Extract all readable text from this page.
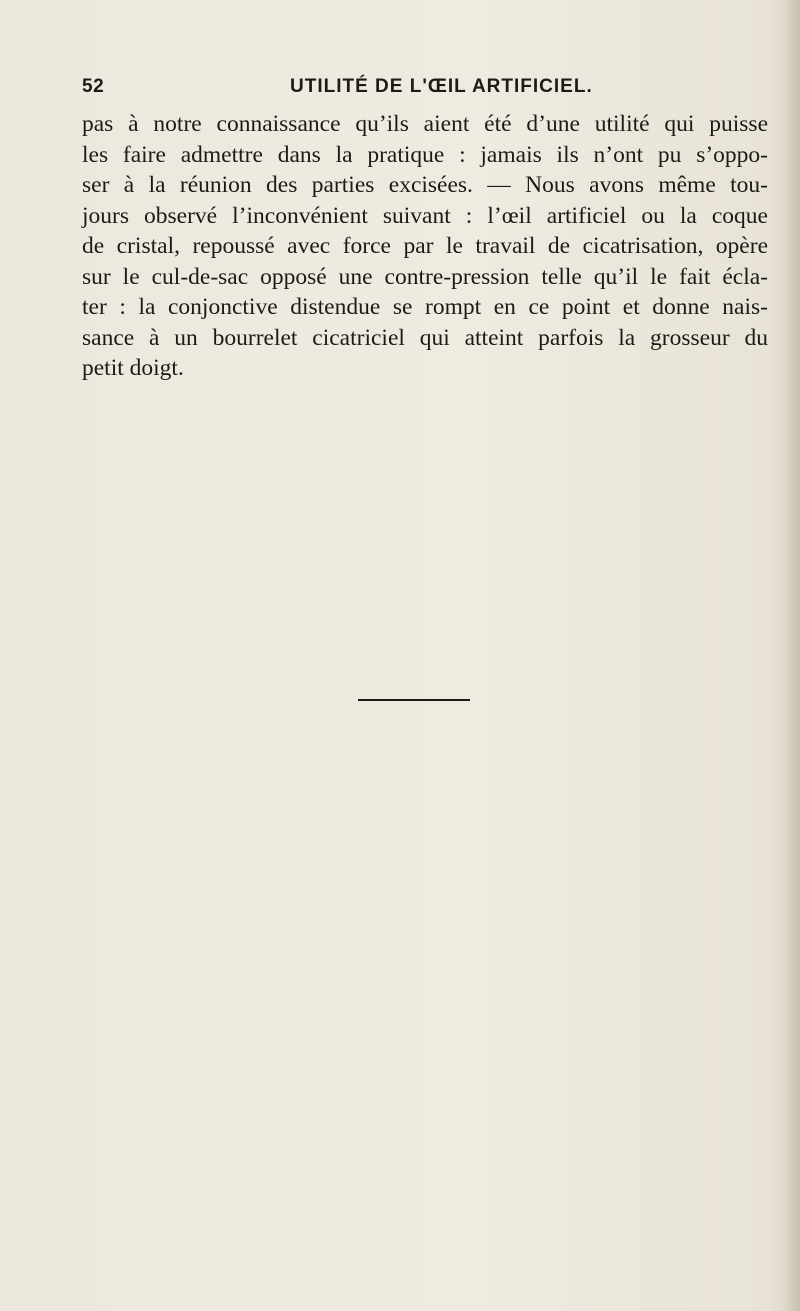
52	UTILITÉ DE L'ŒIL ARTIFICIEL.
pas à notre connaissance qu’ils aient été d’une utilité qui puisse
les faire admettre dans la pratique : jamais ils n’ont pu s’oppo-
ser à la réunion des parties excisées. — Nous avons même tou-
jours observé l’inconvénient suivant : l’œil artificiel ou la coque
de cristal, repoussé avec force par le travail de cicatrisation, opère
sur le cul-de-sac opposé une contre-pression telle qu’il le fait écla-
ter : la conjonctive distendue se rompt en ce point et donne nais-
sance à un bourrelet cicatriciel qui atteint parfois la grosseur du
petit doigt.
